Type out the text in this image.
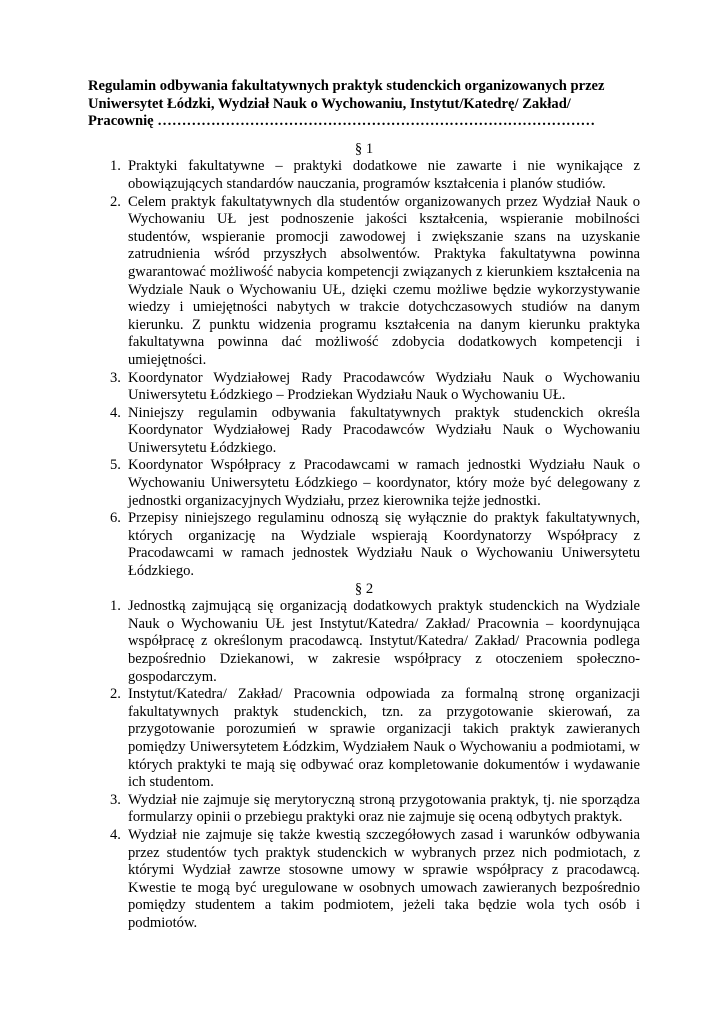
Regulamin odbywania fakultatywnych praktyk studenckich organizowanych przez
Uniwersytet Łódzki, Wydział Nauk o Wychowaniu, Instytut/Katedrę/ Zakład/
Pracownię ………………………………………………………………………………

§ 1

1. Praktyki fakultatywne – praktyki dodatkowe nie zawarte i nie wynikające z obowiązujących standardów nauczania, programów kształcenia i planów studiów.
2. Celem praktyk fakultatywnych dla studentów organizowanych przez Wydział Nauk o Wychowaniu UŁ jest podnoszenie jakości kształcenia, wspieranie mobilności studentów, wspieranie promocji zawodowej i zwiększanie szans na uzyskanie zatrudnienia wśród przyszłych absolwentów. Praktyka fakultatywna powinna gwarantować możliwość nabycia kompetencji związanych z kierunkiem kształcenia na Wydziale Nauk o Wychowaniu UŁ, dzięki czemu możliwe będzie wykorzystywanie wiedzy i umiejętności nabytych w trakcie dotychczasowych studiów na danym kierunku. Z punktu widzenia programu kształcenia na danym kierunku praktyka fakultatywna powinna dać możliwość zdobycia dodatkowych kompetencji i umiejętności.
3. Koordynator Wydziałowej Rady Pracodawców Wydziału Nauk o Wychowaniu Uniwersytetu Łódzkiego – Prodziekan Wydziału Nauk o Wychowaniu UŁ.
4. Niniejszy regulamin odbywania fakultatywnych praktyk studenckich określa Koordynator Wydziałowej Rady Pracodawców Wydziału Nauk o Wychowaniu Uniwersytetu Łódzkiego.
5. Koordynator Współpracy z Pracodawcami w ramach jednostki Wydziału Nauk o Wychowaniu Uniwersytetu Łódzkiego – koordynator, który może być delegowany z jednostki organizacyjnych Wydziału, przez kierownika tejże jednostki.
6. Przepisy niniejszego regulaminu odnoszą się wyłącznie do praktyk fakultatywnych, których organizację na Wydziale wspierają Koordynatorzy Współpracy z Pracodawcami w ramach jednostek Wydziału Nauk o Wychowaniu Uniwersytetu Łódzkiego.

§ 2

1. Jednostką zajmującą się organizacją dodatkowych praktyk studenckich na Wydziale Nauk o Wychowaniu UŁ jest Instytut/Katedra/ Zakład/ Pracownia – koordynująca współpracę z określonym pracodawcą. Instytut/Katedra/ Zakład/ Pracownia podlega bezpośrednio Dziekanowi, w zakresie współpracy z otoczeniem społeczno-gospodarczym.
2. Instytut/Katedra/ Zakład/ Pracownia odpowiada za formalną stronę organizacji fakultatywnych praktyk studenckich, tzn. za przygotowanie skierowań, za przygotowanie porozumień w sprawie organizacji takich praktyk zawieranych pomiędzy Uniwersytetem Łódzkim, Wydziałem Nauk o Wychowaniu a podmiotami, w których praktyki te mają się odbywać oraz kompletowanie dokumentów i wydawanie ich studentom.
3. Wydział nie zajmuje się merytoryczną stroną przygotowania praktyk, tj. nie sporządza formularzy opinii o przebiegu praktyki oraz nie zajmuje się oceną odbytych praktyk.
4. Wydział nie zajmuje się także kwestią szczegółowych zasad i warunków odbywania przez studentów tych praktyk studenckich w wybranych przez nich podmiotach, z którymi Wydział zawrze stosowne umowy w sprawie współpracy z pracodawcą. Kwestie te mogą być uregulowane w osobnych umowach zawieranych bezpośrednio pomiędzy studentem a takim podmiotem, jeżeli taka będzie wola tych osób i podmiotów.
